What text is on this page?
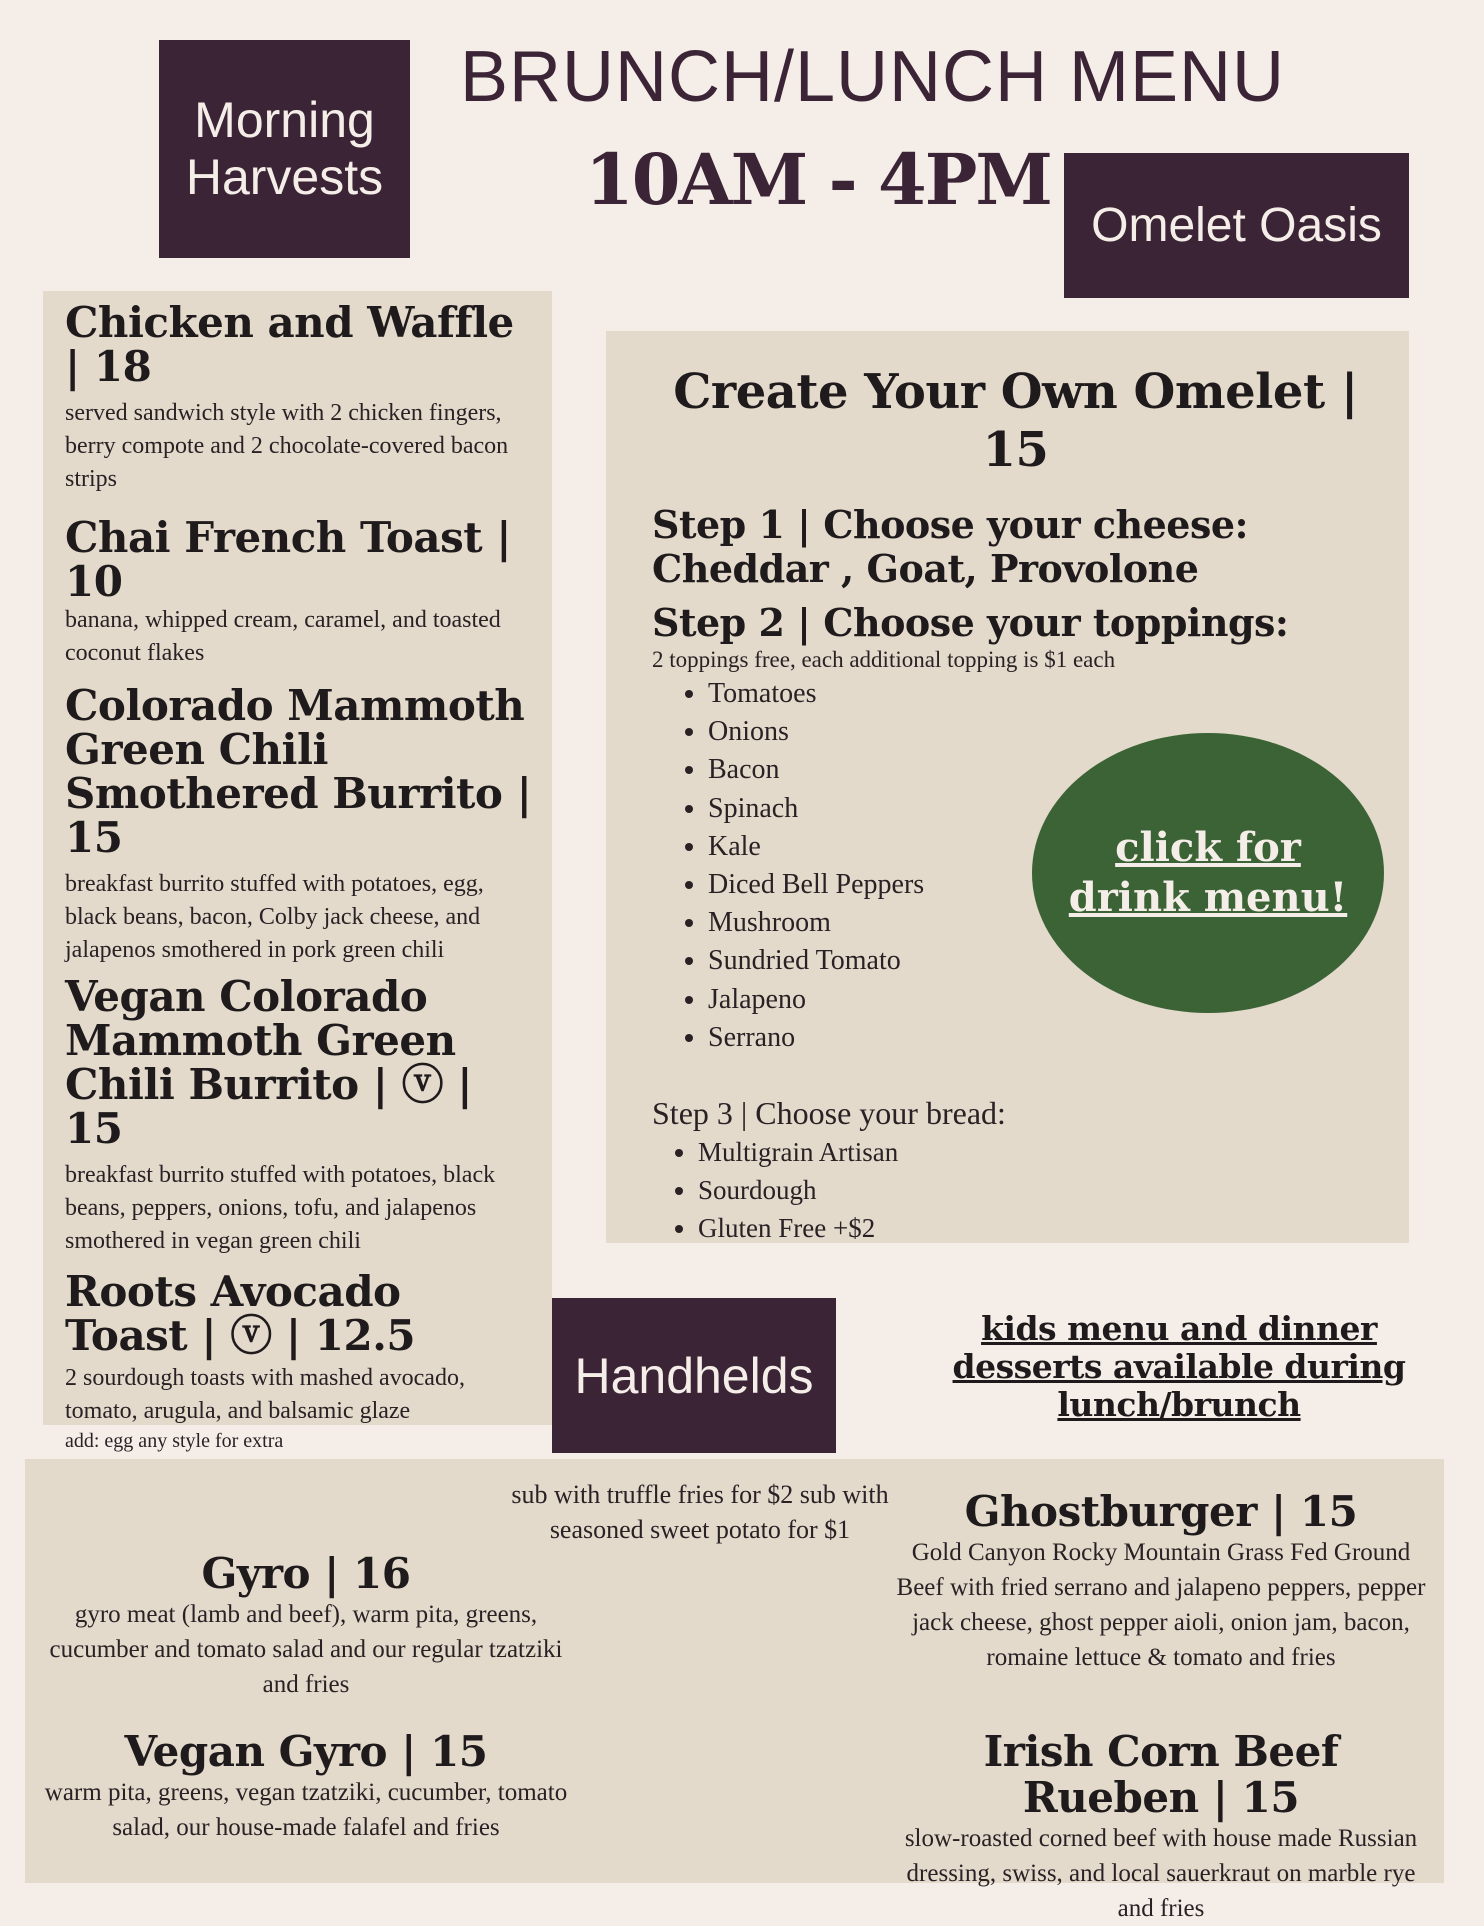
Morning
Harvests
BRUNCH/LUNCH MENU
10AM - 4PM
Omelet Oasis

Chicken and Waffle | 18

served sandwich style with 2 chicken fingers, berry compote and 2 chocolate-covered bacon strips

Chai French Toast | 10

banana, whipped cream, caramel, and toasted coconut flakes

Colorado Mammoth Green Chili Smothered Burrito | 15

breakfast burrito stuffed with potatoes, egg, black beans, bacon, Colby jack cheese, and jalapenos smothered in pork green chili

Vegan Colorado Mammoth Green Chili Burrito | ⓥ | 15

breakfast burrito stuffed with potatoes, black beans, peppers, onions, tofu, and jalapenos smothered in vegan green chili

Roots Avocado Toast | ⓥ | 12.5

2 sourdough toasts with mashed avocado, tomato, arugula, and balsamic glaze

add: egg any style for extra

Create Your Own Omelet | 15

Step 1 | Choose your cheese: Cheddar , Goat, Provolone

Step 2 | Choose your toppings:

2 toppings free, each additional topping is $1 each

• Tomatoes
• Onions
• Bacon
• Spinach
• Kale
• Diced Bell Peppers
• Mushroom
• Sundried Tomato
• Jalapeno
• Serrano

Step 3 | Choose your bread:

• Multigrain Artisan
• Sourdough
• Gluten Free +$2
click for
drink menu!
Handhelds
kids menu and dinner desserts available during lunch/brunch
sub with truffle fries for $2 sub with seasoned sweet potato for $1

Gyro | 16

gyro meat (lamb and beef), warm pita, greens, cucumber and tomato salad and our regular tzatziki and fries

Vegan Gyro | 15

warm pita, greens, vegan tzatziki, cucumber, tomato salad, our house-made falafel and fries

Ghostburger | 15

Gold Canyon Rocky Mountain Grass Fed Ground Beef with fried serrano and jalapeno peppers, pepper jack cheese, ghost pepper aioli, onion jam, bacon, romaine lettuce & tomato and fries

Irish Corn Beef Rueben | 15

slow-roasted corned beef with house made Russian dressing, swiss, and local sauerkraut on marble rye and fries
